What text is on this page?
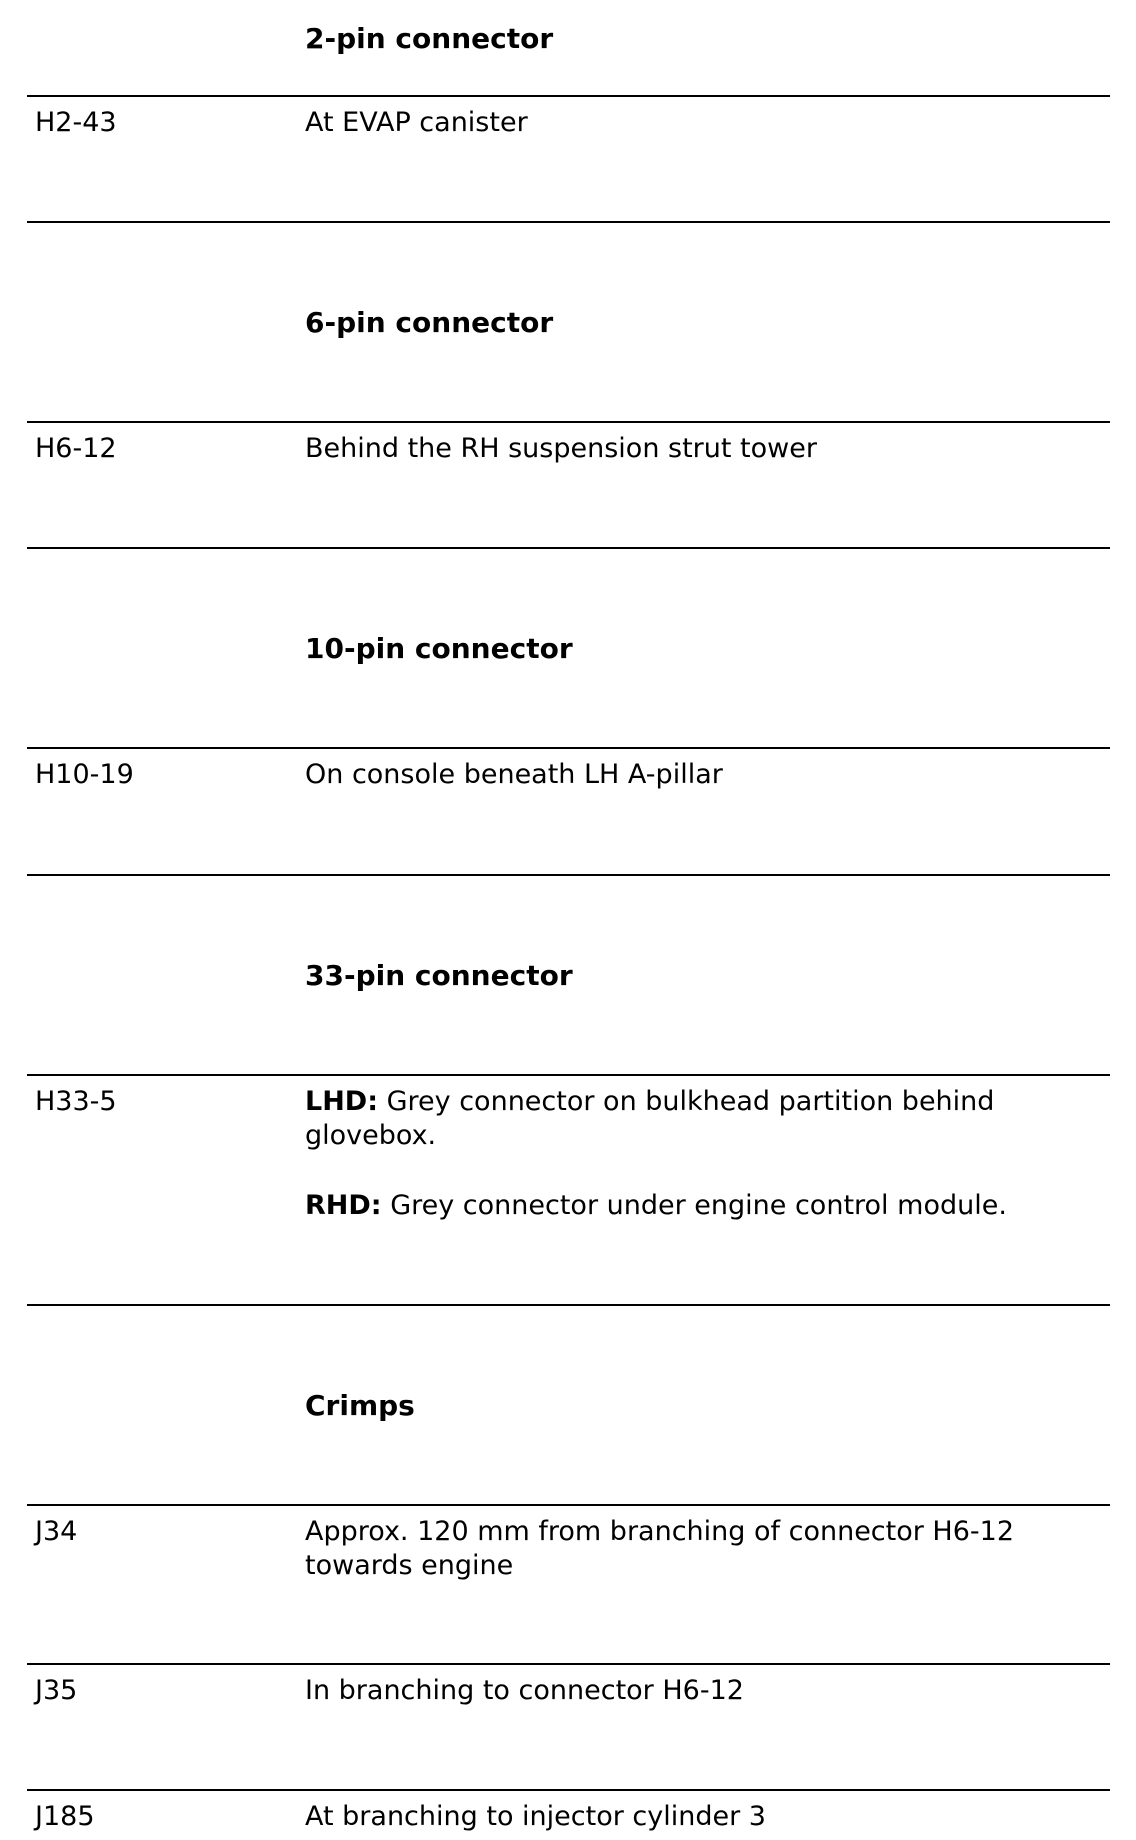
2-pin connector
H2-43	At EVAP canister
6-pin connector
H6-12	Behind the RH suspension strut tower
10-pin connector
H10-19	On console beneath LH A-pillar
33-pin connector
H33-5	LHD: Grey connector on bulkhead partition behind glovebox.

RHD: Grey connector under engine control module.

Crimps
J34	Approx. 120 mm from branching of connector H6-12 towards engine
J35	In branching to connector H6-12
J185	At branching to injector cylinder 3
